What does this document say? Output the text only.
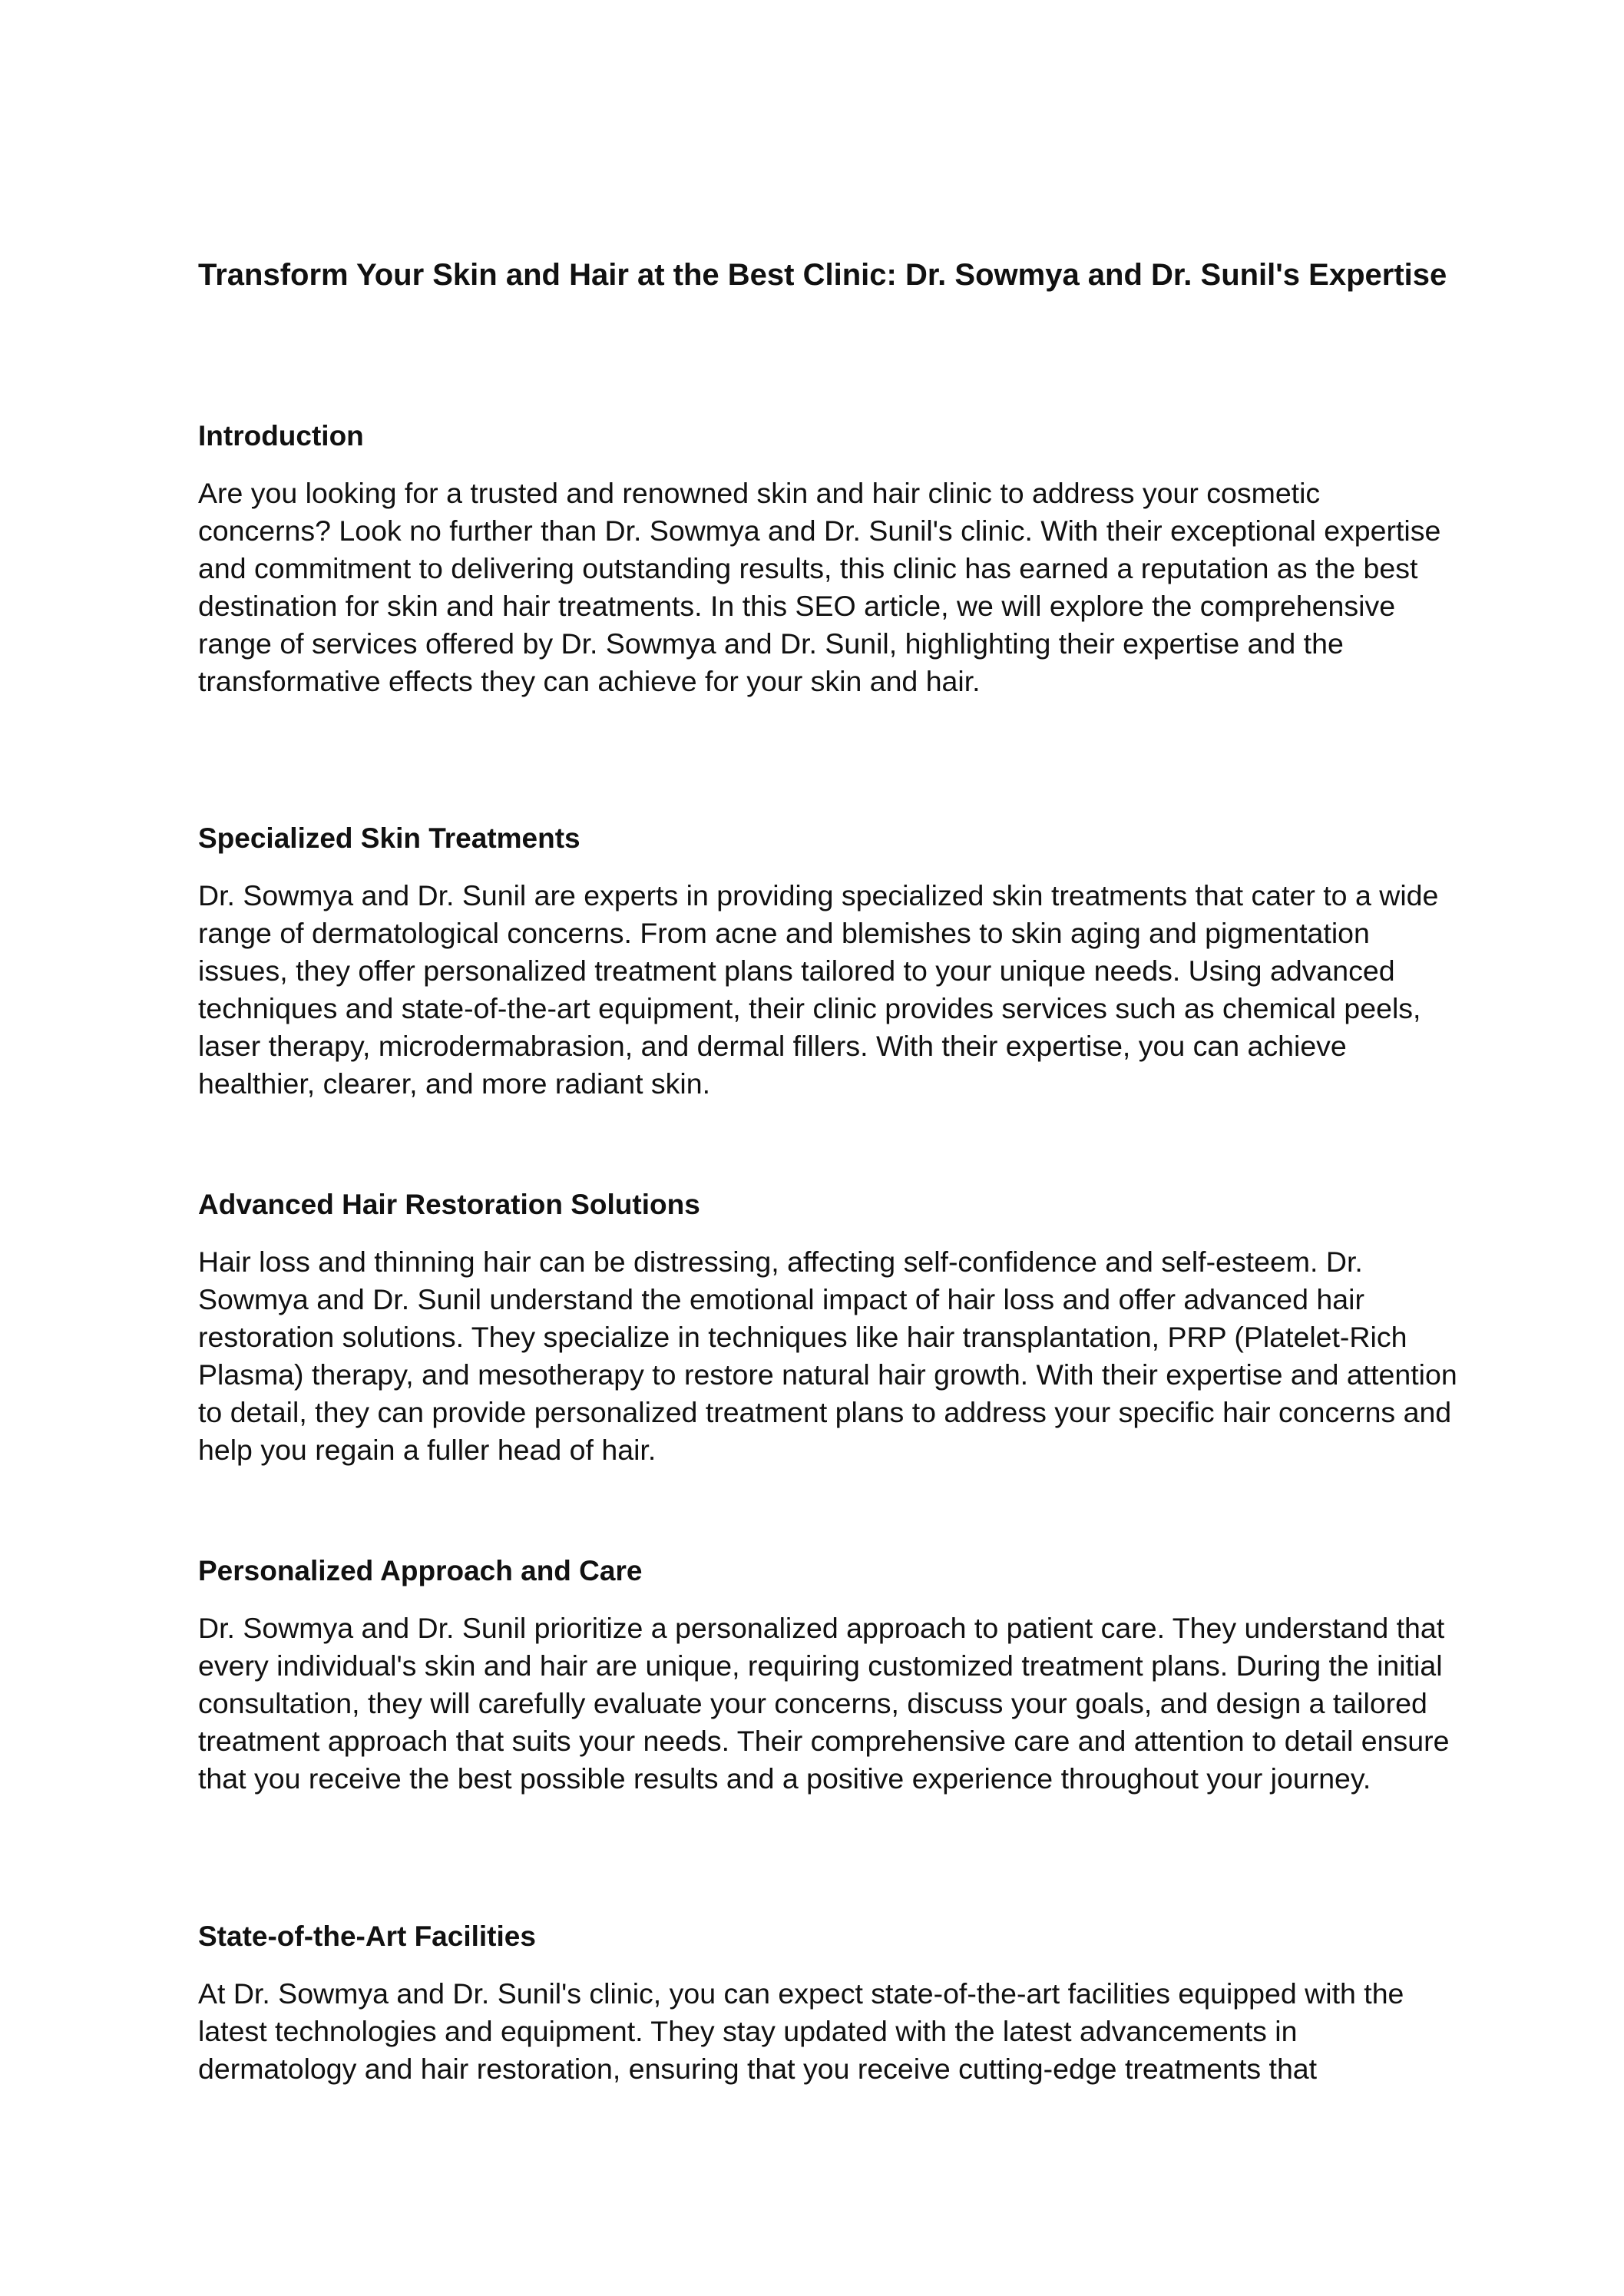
Transform Your Skin and Hair at the Best Clinic: Dr. Sowmya and Dr. Sunil's Expertise
Introduction

Are you looking for a trusted and renowned skin and hair clinic to address your cosmetic concerns? Look no further than Dr. Sowmya and Dr. Sunil's clinic. With their exceptional expertise and commitment to delivering outstanding results, this clinic has earned a reputation as the best destination for skin and hair treatments. In this SEO article, we will explore the comprehensive range of services offered by Dr. Sowmya and Dr. Sunil, highlighting their expertise and the transformative effects they can achieve for your skin and hair.

Specialized Skin Treatments

Dr. Sowmya and Dr. Sunil are experts in providing specialized skin treatments that cater to a wide range of dermatological concerns. From acne and blemishes to skin aging and pigmentation issues, they offer personalized treatment plans tailored to your unique needs. Using advanced techniques and state-of-the-art equipment, their clinic provides services such as chemical peels, laser therapy, microdermabrasion, and dermal fillers. With their expertise, you can achieve healthier, clearer, and more radiant skin.

Advanced Hair Restoration Solutions

Hair loss and thinning hair can be distressing, affecting self-confidence and self-esteem. Dr. Sowmya and Dr. Sunil understand the emotional impact of hair loss and offer advanced hair restoration solutions. They specialize in techniques like hair transplantation, PRP (Platelet-Rich Plasma) therapy, and mesotherapy to restore natural hair growth. With their expertise and attention to detail, they can provide personalized treatment plans to address your specific hair concerns and help you regain a fuller head of hair.

Personalized Approach and Care

Dr. Sowmya and Dr. Sunil prioritize a personalized approach to patient care. They understand that every individual's skin and hair are unique, requiring customized treatment plans. During the initial consultation, they will carefully evaluate your concerns, discuss your goals, and design a tailored treatment approach that suits your needs. Their comprehensive care and attention to detail ensure that you receive the best possible results and a positive experience throughout your journey.

State-of-the-Art Facilities

At Dr. Sowmya and Dr. Sunil's clinic, you can expect state-of-the-art facilities equipped with the latest technologies and equipment. They stay updated with the latest advancements in dermatology and hair restoration, ensuring that you receive cutting-edge treatments that
